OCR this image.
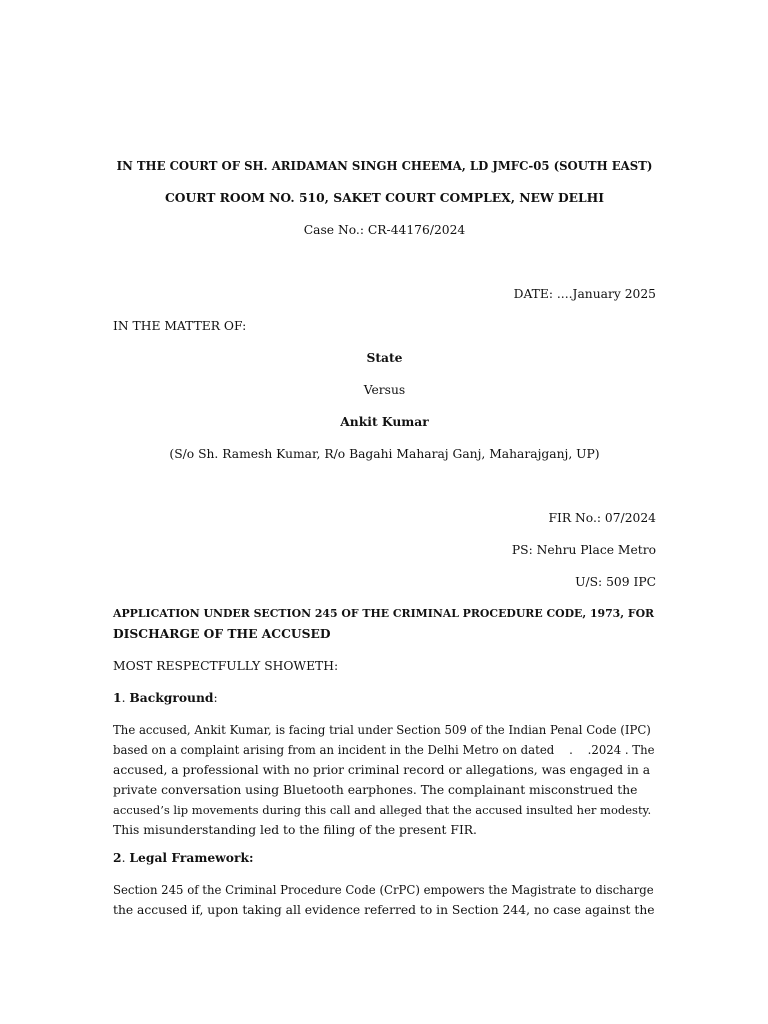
IN THE COURT OF SH. ARIDAMAN SINGH CHEEMA, LD JMFC-05 (SOUTH EAST)

COURT ROOM NO. 510, SAKET COURT COMPLEX, NEW DELHI

Case No.: CR-44176/2024

DATE: ....January 2025

IN THE MATTER OF:

State

Versus

Ankit Kumar

(S/o Sh. Ramesh Kumar, R/o Bagahi Maharaj Ganj, Maharajganj, UP)

FIR No.: 07/2024

PS: Nehru Place Metro

U/S: 509 IPC

APPLICATION UNDER SECTION 245 OF THE CRIMINAL PROCEDURE CODE, 1973, FOR

DISCHARGE OF THE ACCUSED

MOST RESPECTFULLY SHOWETH:

1. Background:

The accused, Ankit Kumar, is facing trial under Section 509 of the Indian Penal Code (IPC)
based on a complaint arising from an incident in the Delhi Metro on dated    .    .2024 . The
accused, a professional with no prior criminal record or allegations, was engaged in a
private conversation using Bluetooth earphones. The complainant misconstrued the
accused’s lip movements during this call and alleged that the accused insulted her modesty.
This misunderstanding led to the filing of the present FIR.

2. Legal Framework:

Section 245 of the Criminal Procedure Code (CrPC) empowers the Magistrate to discharge
the accused if, upon taking all evidence referred to in Section 244, no case against the
